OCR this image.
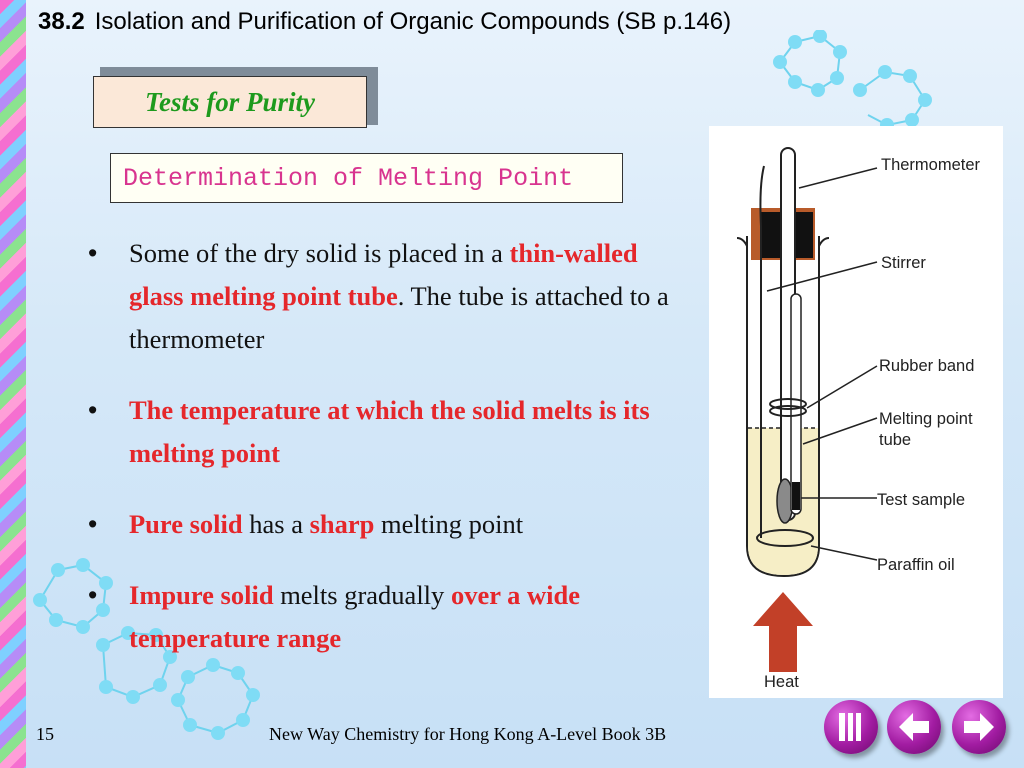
38.2 Isolation and Purification of Organic Compounds (SB p.146)
Tests for Purity
Determination of Melting Point
• Some of the dry solid is placed in a thin-walled glass melting point tube. The tube is attached to a thermometer
• The temperature at which the solid melts is its melting point
• Pure solid has a sharp melting point
• Impure solid melts gradually over a wide temperature range
Thermometer
Stirrer
Rubber band
Melting point
tube
Test sample
Paraffin oil
Heat
15	New Way Chemistry for Hong Kong A-Level Book 3B
